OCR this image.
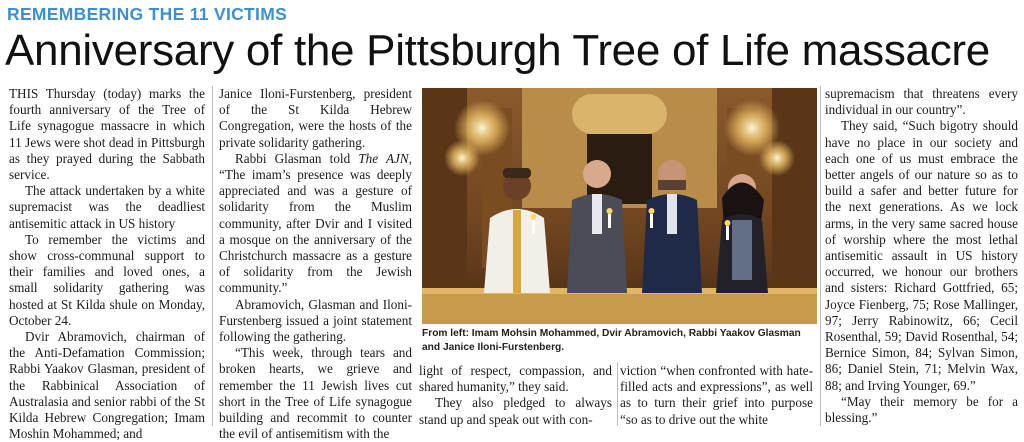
REMEMBERING THE 11 VICTIMS
Anniversary of the Pittsburgh Tree of Life massacre

THIS Thursday (today) marks the fourth anniversary of the Tree of Life synagogue massacre in which 11 Jews were shot dead in Pittsburgh as they prayed during the Sabbath service.

The attack undertaken by a white supremacist was the deadliest antisemitic attack in US history

To remember the victims and show cross-communal support to their families and loved ones, a small solidarity gathering was hosted at St Kilda shule on Monday, October 24.

Dvir Abramovich, chairman of the Anti-Defamation Commission; Rabbi Yaakov Glasman, president of the Rabbinical Association of Australasia and senior rabbi of the St Kilda Hebrew Congregation; Imam Moshin Mohammed; and

Janice Iloni-Furstenberg, president of the St Kilda Hebrew Congregation, were the hosts of the private solidarity gathering.

Rabbi Glasman told The AJN, “The imam’s presence was deeply appreciated and was a gesture of solidarity from the Muslim community, after Dvir and I visited a mosque on the anniversary of the Christchurch massacre as a gesture of solidarity from the Jewish community.”

Abramovich, Glasman and Iloni-Furstenberg issued a joint statement following the gathering.

“This week, through tears and broken hearts, we grieve and remember the 11 Jewish lives cut short in the Tree of Life synagogue building and recommit to counter the evil of antisemitism with the

From left: Imam Mohsin Mohammed, Dvir Abramovich, Rabbi Yaakov Glasman and Janice Iloni-Furstenberg.

light of respect, compassion, and shared humanity,” they said.

They also pledged to always stand up and speak out with con-

viction “when confronted with hate-filled acts and expressions”, as well as to turn their grief into purpose “so as to drive out the white

supremacism that threatens every individual in our country”.

They said, “Such bigotry should have no place in our society and each one of us must embrace the better angels of our nature so as to build a safer and better future for the next generations. As we lock arms, in the very same sacred house of worship where the most lethal antisemitic assault in US history occurred, we honour our brothers and sisters: Richard Gottfried, 65; Joyce Fienberg, 75; Rose Mallinger, 97; Jerry Rabinowitz, 66; Cecil Rosenthal, 59; David Rosenthal, 54; Bernice Simon, 84; Sylvan Simon, 86; Daniel Stein, 71; Melvin Wax, 88; and Irving Younger, 69.”

“May their memory be for a blessing.”
